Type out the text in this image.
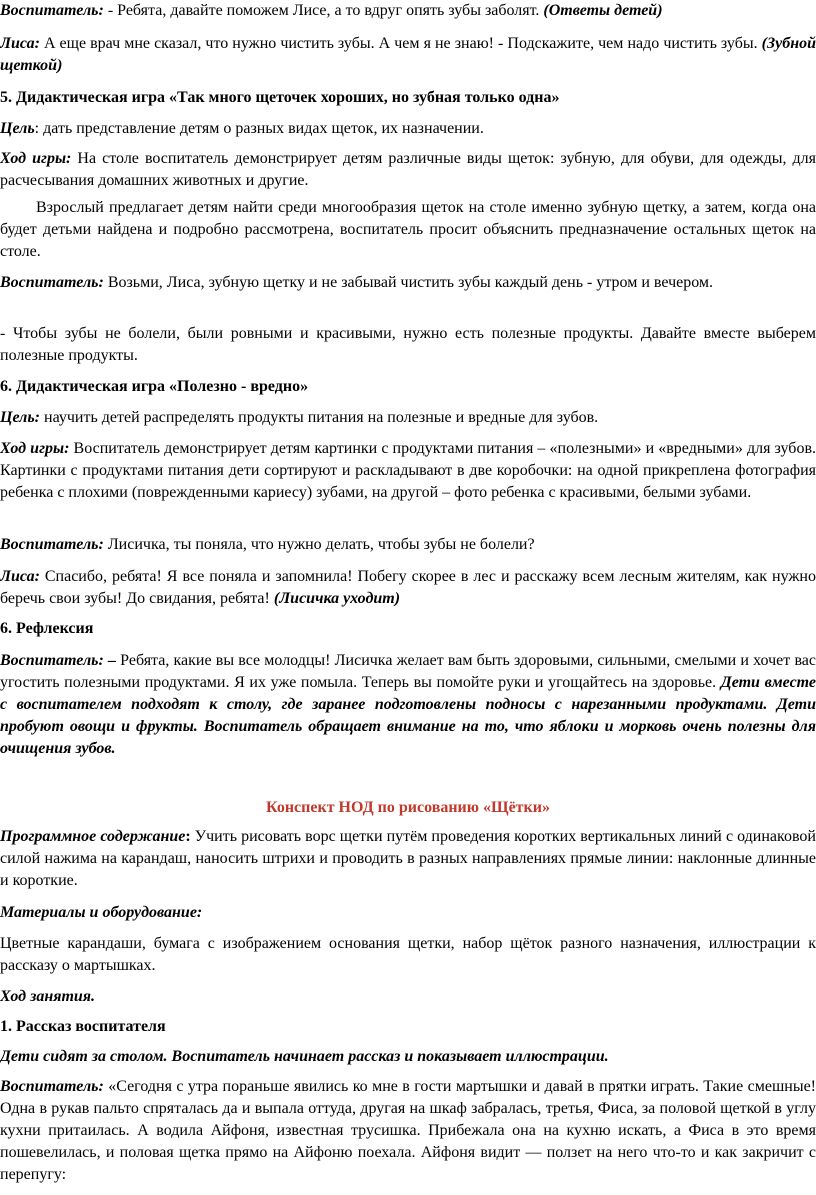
Воспитатель: - Ребята, давайте поможем Лисе, а то вдруг опять зубы заболят. (Ответы детей)

Лиса: А еще врач мне сказал, что нужно чистить зубы. А чем я не знаю! - Подскажите, чем надо чистить зубы. (Зубной щеткой)

5. Дидактическая игра «Так много щеточек хороших, но зубная только одна»

Цель: дать представление детям о разных видах щеток, их назначении.

Ход игры: На столе воспитатель демонстрирует детям различные виды щеток: зубную, для обуви, для одежды, для расчесывания домашних животных и другие.

Взрослый предлагает детям найти среди многообразия щеток на столе именно зубную щетку, а затем, когда она будет детьми найдена и подробно рассмотрена, воспитатель просит объяснить предназначение остальных щеток на столе.

Воспитатель: Возьми, Лиса, зубную щетку и не забывай чистить зубы каждый день - утром и вечером.

- Чтобы зубы не болели, были ровными и красивыми, нужно есть полезные продукты. Давайте вместе выберем полезные продукты.

6. Дидактическая игра «Полезно - вредно»

Цель: научить детей распределять продукты питания на полезные и вредные для зубов.

Ход игры: Воспитатель демонстрирует детям картинки с продуктами питания – «полезными» и «вредными» для зубов. Картинки с продуктами питания дети сортируют и раскладывают в две коробочки: на одной прикреплена фотография ребенка с плохими (поврежденными кариесу) зубами, на другой – фото ребенка с красивыми, белыми зубами.

Воспитатель: Лисичка, ты поняла, что нужно делать, чтобы зубы не болели?

Лиса: Спасибо, ребята! Я все поняла и запомнила! Побегу скорее в лес и расскажу всем лесным жителям, как нужно беречь свои зубы! До свидания, ребята! (Лисичка уходит)

6. Рефлексия

Воспитатель: – Ребята, какие вы все молодцы! Лисичка желает вам быть здоровыми, сильными, смелыми и хочет вас угостить полезными продуктами. Я их уже помыла. Теперь вы помойте руки и угощайтесь на здоровье. Дети вместе с воспитателем подходят к столу, где заранее подготовлены подносы с нарезанными продуктами. Дети пробуют овощи и фрукты. Воспитатель обращает внимание на то, что яблоки и морковь очень полезны для очищения зубов.

Конспект НОД по рисованию «Щётки»

Программное содержание: Учить рисовать ворс щетки путём проведения коротких вертикальных линий с одинаковой силой нажима на карандаш, наносить штрихи и проводить в разных направлениях прямые линии: наклонные длинные и короткие.

Материалы и оборудование:

Цветные карандаши, бумага с изображением основания щетки, набор щёток разного назначения, иллюстрации к рассказу о мартышках.

Ход занятия.

1. Рассказ воспитателя

Дети сидят за столом. Воспитатель начинает рассказ и показывает иллюстрации.

Воспитатель: «Сегодня с утра пораньше явились ко мне в гости мартышки и давай в прятки играть. Такие смешные! Одна в рукав пальто спряталась да и выпала оттуда, другая на шкаф забралась, третья, Фиса, за половой щеткой в углу кухни притаилась. А водила Айфоня, известная трусишка. Прибежала она на кухню искать, а Фиса в это время пошевелилась, и половая щетка прямо на Айфоню поехала. Айфоня видит — ползет на него что-то и как закричит с перепугу:
